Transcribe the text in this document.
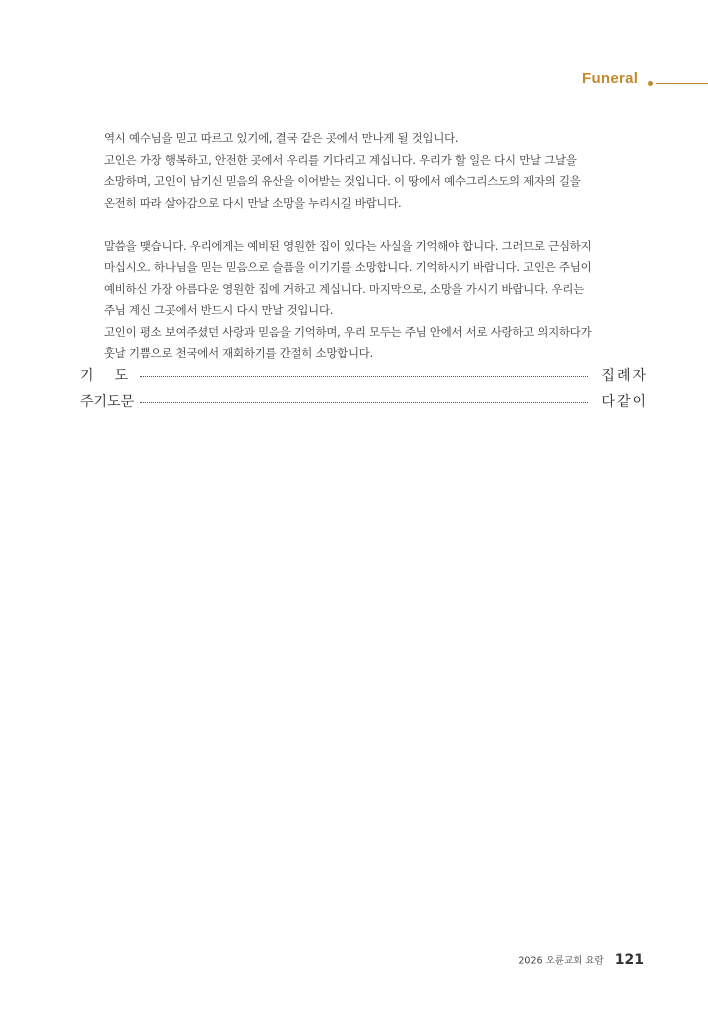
Funeral
역시 예수님을 믿고 따르고 있기에, 결국 같은 곳에서 만나게 될 것입니다.
고인은 가장 행복하고, 안전한 곳에서 우리를 기다리고 계십니다. 우리가 할 일은 다시 만날 그날을
소망하며, 고인이 남기신 믿음의 유산을 이어받는 것입니다. 이 땅에서 예수그리스도의 제자의 길을
온전히 따라 살아감으로 다시 만날 소망을 누리시길 바랍니다.
말씀을 맺습니다. 우리에게는 예비된 영원한 집이 있다는 사실을 기억해야 합니다. 그러므로 근심하지
마십시오. 하나님을 믿는 믿음으로 슬픔을 이기기를 소망합니다. 기억하시기 바랍니다. 고인은 주님이
예비하신 가장 아름다운 영원한 집에 거하고 계십니다. 마지막으로, 소망을 가시기 바랍니다. 우리는
주님 계신 그곳에서 반드시 다시 만날 것입니다.
고인이 평소 보여주셨던 사랑과 믿음을 기억하며, 우리 모두는 주님 안에서 서로 사랑하고 의지하다가
훗날 기쁨으로 천국에서 재회하기를 간절히 소망합니다.
기 도	집례자
주기도문	다같이
2026 오륜교회 요람 121
